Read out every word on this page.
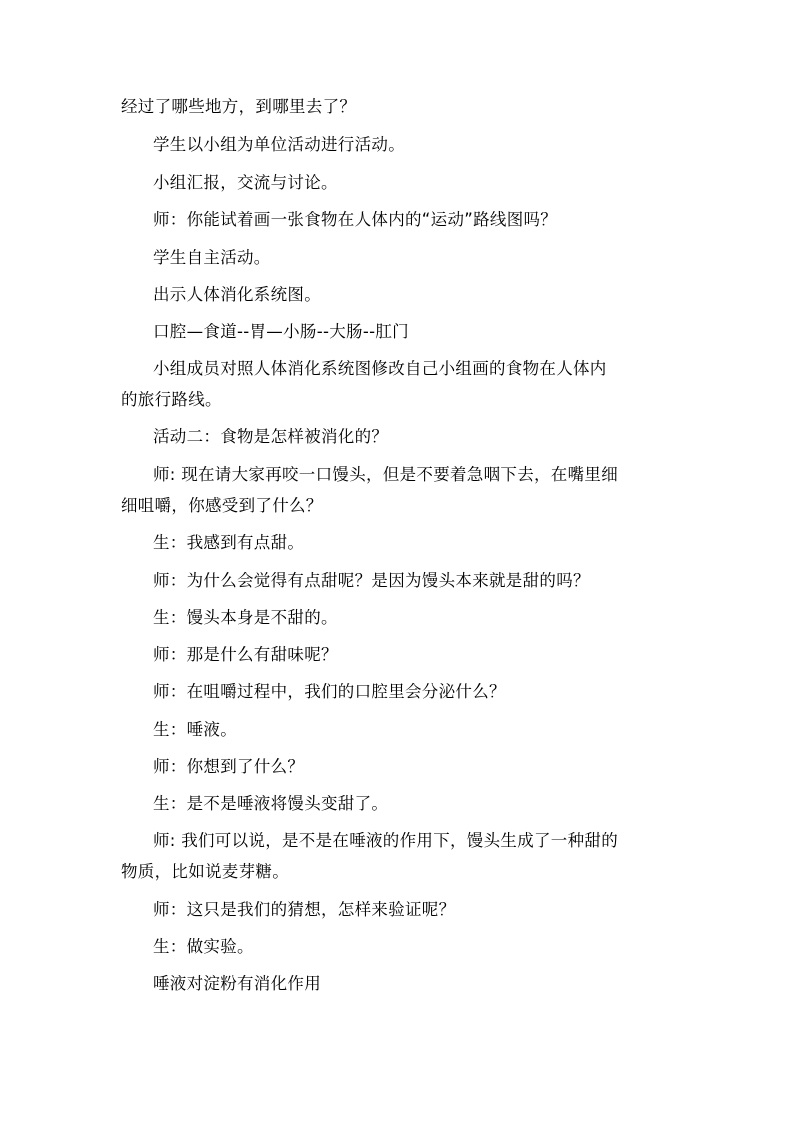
经过了哪些地方，到哪里去了？
学生以小组为单位活动进行活动。
小组汇报，交流与讨论。
师：你能试着画一张食物在人体内的“运动”路线图吗？
学生自主活动。
出示人体消化系统图。
口腔—食道--胃—小肠--大肠--肛门
小组成员对照人体消化系统图修改自己小组画的食物在人体内
的旅行路线。
活动二：食物是怎样被消化的？
师: 现在请大家再咬一口馒头，但是不要着急咽下去，在嘴里细
细咀嚼，你感受到了什么？
生：我感到有点甜。
师：为什么会觉得有点甜呢？是因为馒头本来就是甜的吗？
生：馒头本身是不甜的。
师：那是什么有甜味呢？
师：在咀嚼过程中，我们的口腔里会分泌什么？
生：唾液。
师：你想到了什么？
生：是不是唾液将馒头变甜了。
师: 我们可以说，是不是在唾液的作用下，馒头生成了一种甜的
物质，比如说麦芽糖。
师：这只是我们的猜想，怎样来验证呢？
生：做实验。
唾液对淀粉有消化作用
